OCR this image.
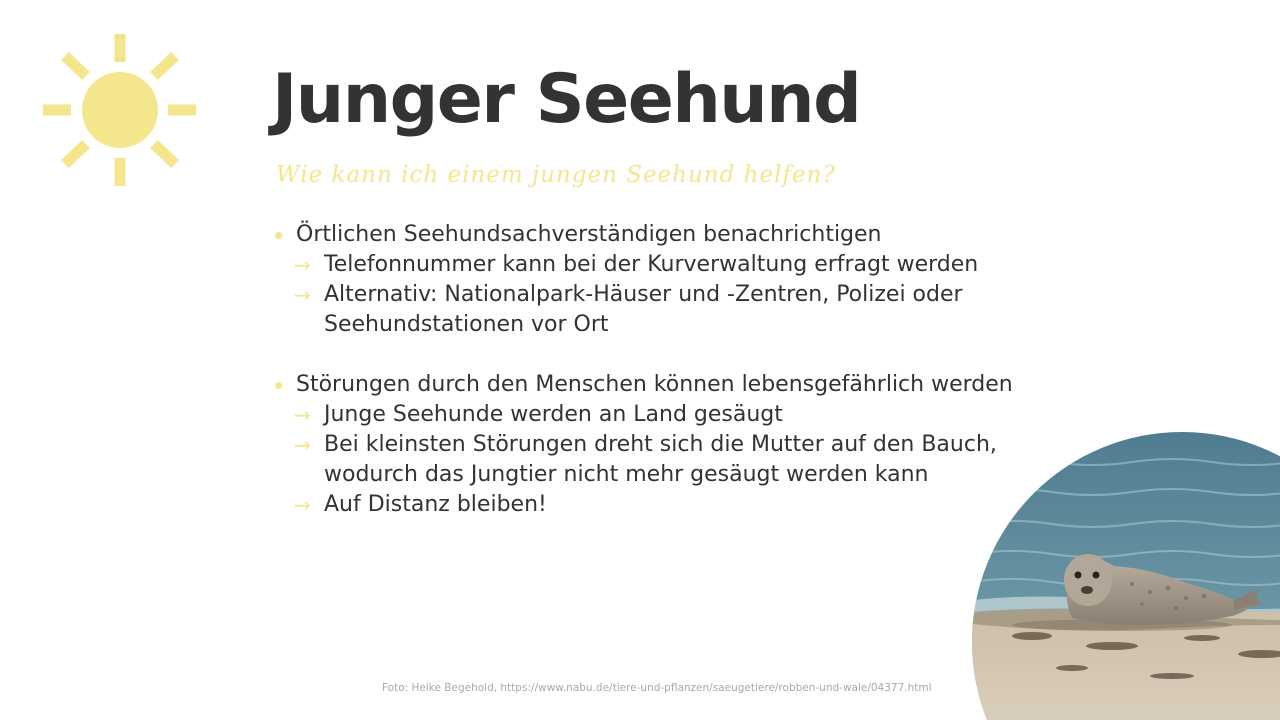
Junger Seehund

Wie kann ich einem jungen Seehund helfen?

Örtlichen Seehundsachverständigen benachrichtigen

→ Telefonnummer kann bei der Kurverwaltung erfragt werden

→ Alternativ: Nationalpark-Häuser und -Zentren, Polizei oder
Seehundstationen vor Ort

Störungen durch den Menschen können lebensgefährlich werden

→ Junge Seehunde werden an Land gesäugt

→ Bei kleinsten Störungen dreht sich die Mutter auf den Bauch,
wodurch das Jungtier nicht mehr gesäugt werden kann

→ Auf Distanz bleiben!

Foto: Heike Begehold, https://www.nabu.de/tiere-und-pflanzen/saeugetiere/robben-und-wale/04377.html
